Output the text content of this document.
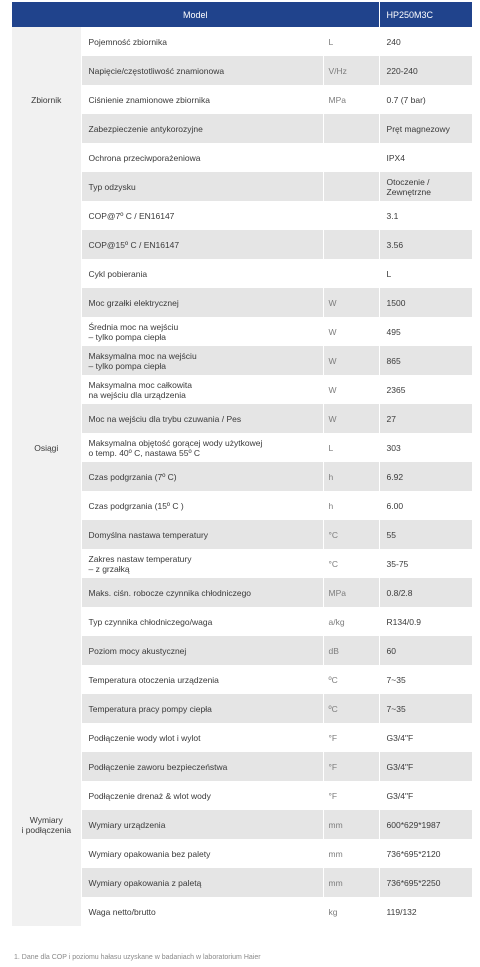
Model			HP250M3C
Zbiornik	Pojemność zbiornika	L	240
	Napięcie/częstotliwość znamionowa	V/Hz	220-240
	Ciśnienie znamionowe zbiornika	MPa	0.7 (7 bar)
	Zabezpieczenie antykorozyjne		Pręt magnezowy
	Ochrona przeciwporażeniowa		IPX4
Osiągi	Typ odzysku		Otoczenie /
Zewnętrzne
	COP@7º C / EN16147		3.1
	COP@15º C / EN16147		3.56
	Cykl pobierania		L
	Moc grzałki elektrycznej	W	1500
	Średnia moc na wejściu
– tylko pompa ciepła	W	495
	Maksymalna moc na wejściu
– tylko pompa ciepła	W	865
	Maksymalna moc całkowita
na wejściu dla urządzenia	W	2365
	Moc na wejściu dla trybu czuwania / Pes	W	27
	Maksymalna objętość gorącej wody użytkowej
o temp. 40º C, nastawa 55º C	L	303
	Czas podgrzania (7º C)	h	6.92
	Czas podgrzania (15º C )	h	6.00
	Domyślna nastawa temperatury	°C	55
	Zakres nastaw temperatury
– z grzałką	°C	35-75
	Maks. ciśn. robocze czynnika chłodniczego	MPa	0.8/2.8
	Typ czynnika chłodniczego/waga	a/kg	R134/0.9
	Poziom mocy akustycznej	dB	60
	Temperatura otoczenia urządzenia	ºC	7~35
	Temperatura pracy pompy ciepła	ºC	7~35
Wymiary
i podłączenia	Podłączenie wody wlot i wylot	°F	G3/4"F
	Podłączenie zaworu bezpieczeństwa	°F	G3/4"F
	Podłączenie drenaż & wlot wody	°F	G3/4"F
	Wymiary urządzenia	mm	600*629*1987
	Wymiary opakowania bez palety	mm	736*695*2120
	Wymiary opakowania z paletą	mm	736*695*2250
	Waga netto/brutto	kg	119/132
1. Dane dla COP i poziomu hałasu uzyskane w badaniach w laboratorium Haier
